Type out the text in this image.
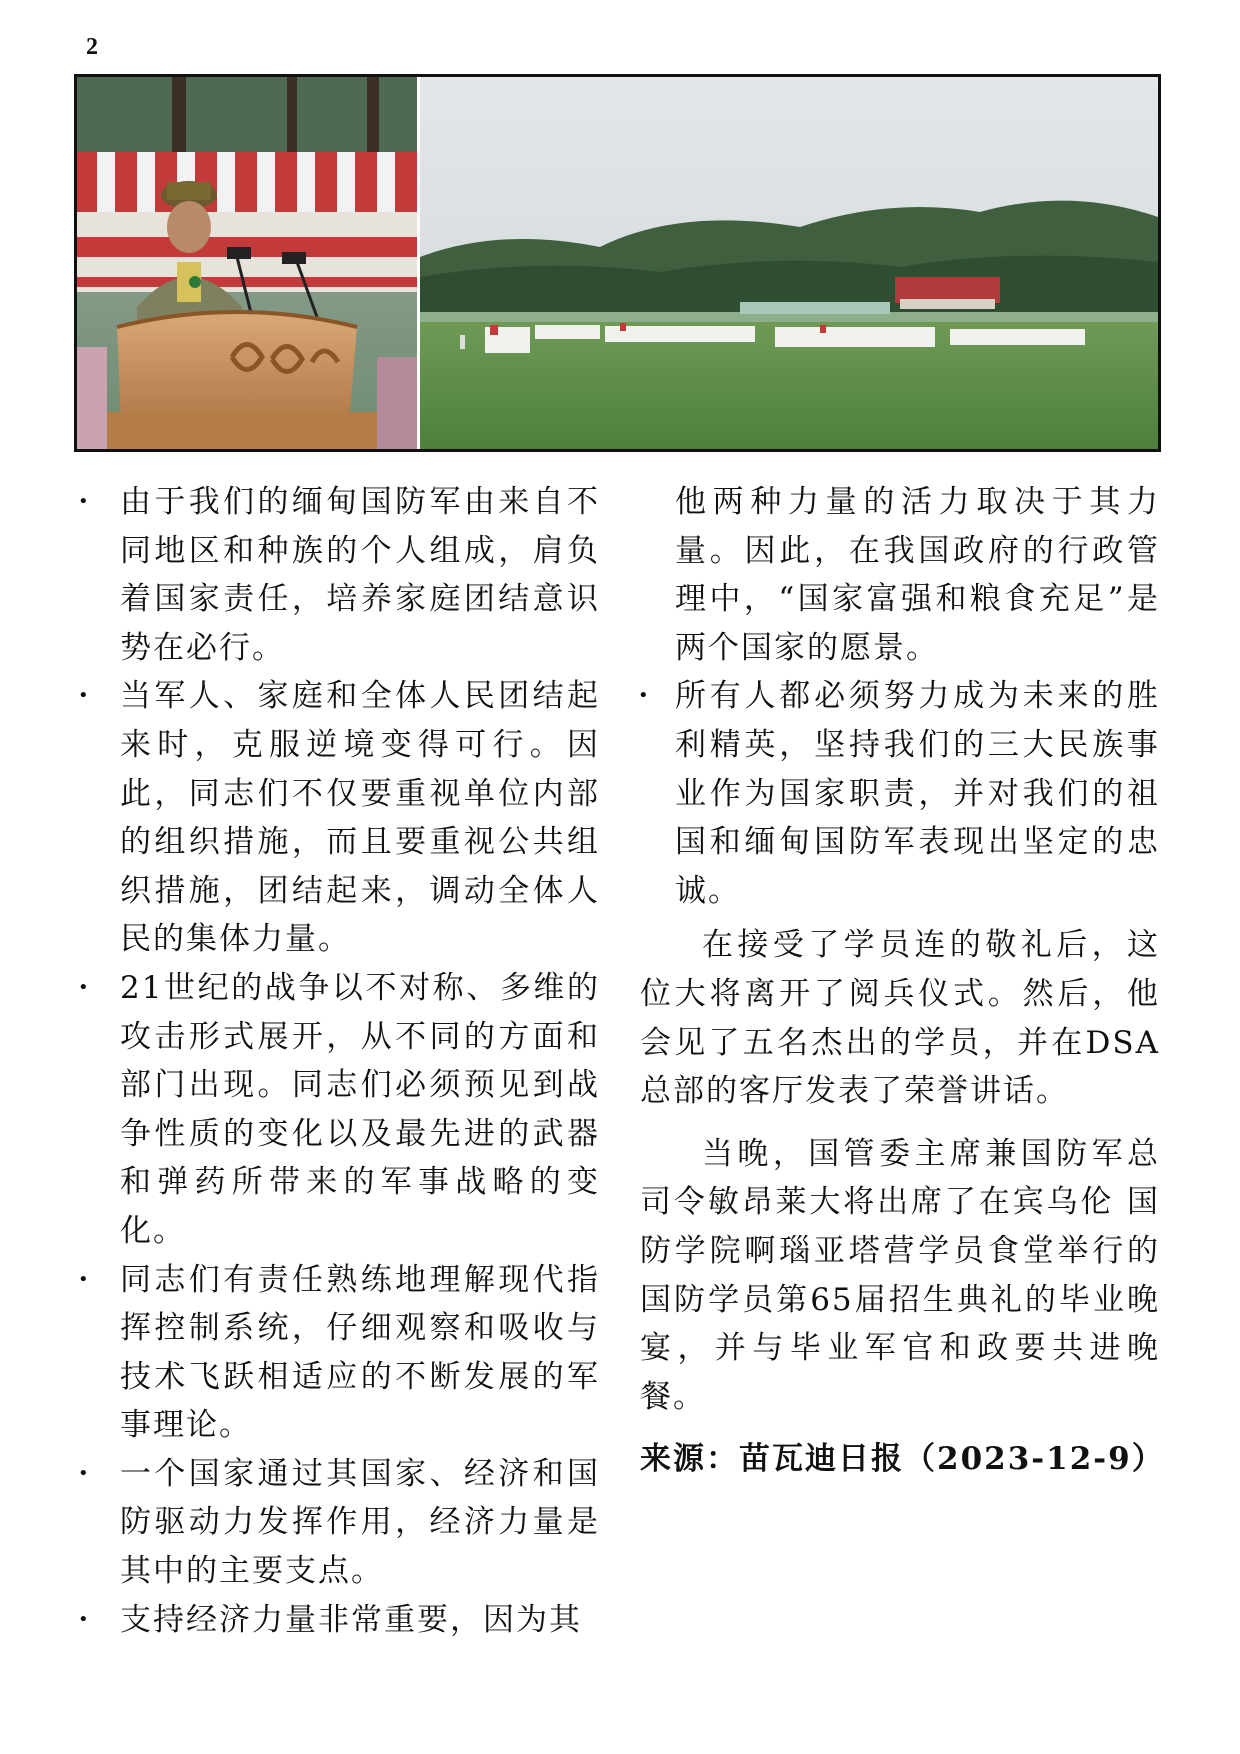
2
•
由于我们的缅甸国防军由来自不同地区和种族的个人组成，肩负着国家责任，培养家庭团结意识势在必行。
•
当军人、家庭和全体人民团结起来时，克服逆境变得可行。因此，同志们不仅要重视单位内部的组织措施，而且要重视公共组织措施，团结起来，调动全体人民的集体力量。
•
21世纪的战争以不对称、多维的攻击形式展开，从不同的方面和部门出现。同志们必须预见到战争性质的变化以及最先进的武器和弹药所带来的军事战略的变化。
•
同志们有责任熟练地理解现代指挥控制系统，仔细观察和吸收与技术飞跃相适应的不断发展的军事理论。
•
一个国家通过其国家、经济和国防驱动力发挥作用，经济力量是其中的主要支点。
•
支持经济力量非常重要，因为其

他两种力量的活力取决于其力量。因此，在我国政府的行政管理中，“国家富强和粮食充足”是两个国家的愿景。

•
所有人都必须努力成为未来的胜利精英，坚持我们的三大民族事业作为国家职责，并对我们的祖国和缅甸国防军表现出坚定的忠诚。

在接受了学员连的敬礼后，这位大将离开了阅兵仪式。然后，他会见了五名杰出的学员，并在DSA总部的客厅发表了荣誉讲话。

当晚，国管委主席兼国防军总司令敏昂莱大将出席了在宾乌伦 国防学院啊瑙亚塔营学员食堂举行的国防学员第65届招生典礼的毕业晚宴，并与毕业军官和政要共进晚餐。

来源：苗瓦迪日报（2023-12-9）
